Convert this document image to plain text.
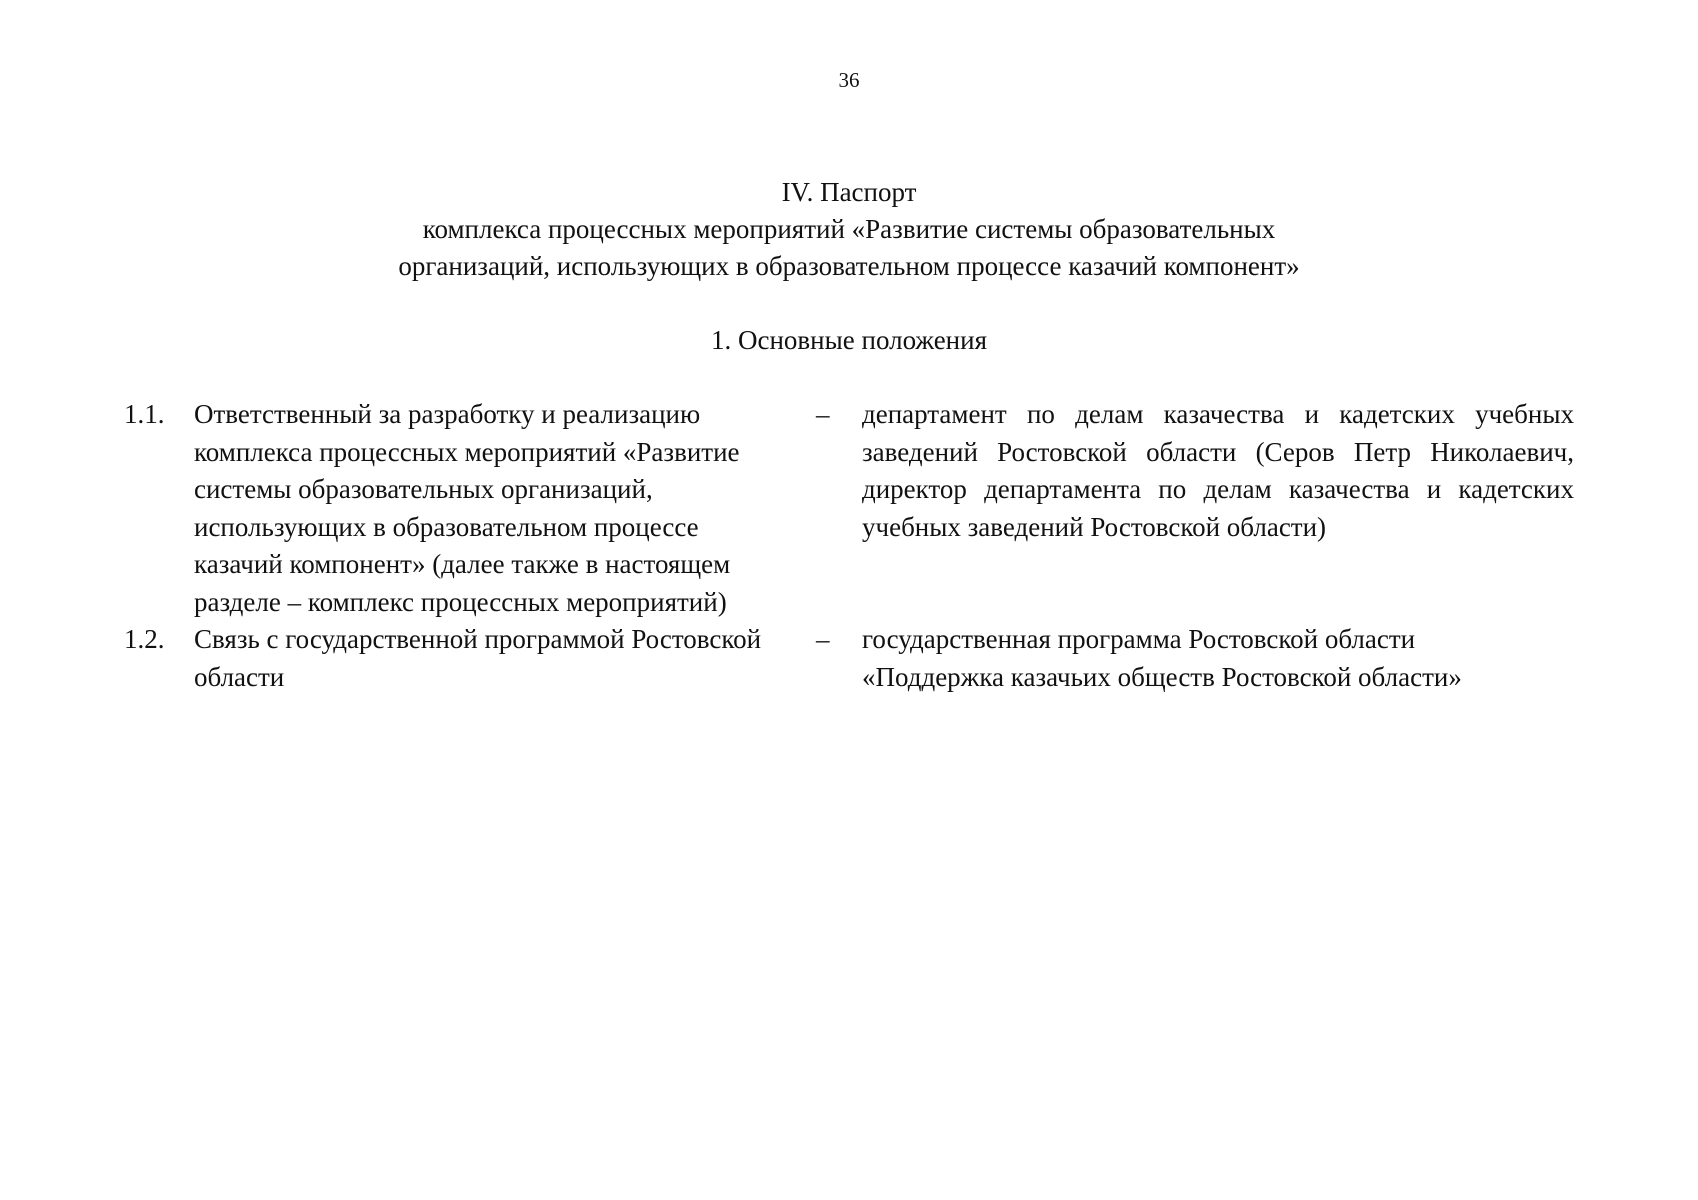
36
IV. Паспорт
комплекса процессных мероприятий «Развитие системы образовательных
организаций, использующих в образовательном процессе казачий компонент»
1. Основные положения
1.1. Ответственный за разработку и реализацию
комплекса процессных мероприятий «Развитие
системы образовательных организаций,
использующих в образовательном процессе
казачий компонент» (далее также в настоящем
разделе – комплекс процессных мероприятий)
– департамент по делам казачества и кадетских учебных
заведений Ростовской области (Серов Петр Николаевич,
директор департамента по делам казачества и кадетских
учебных заведений Ростовской области)
1.2. Связь с государственной программой Ростовской
области
– государственная программа Ростовской области
«Поддержка казачьих обществ Ростовской области»
